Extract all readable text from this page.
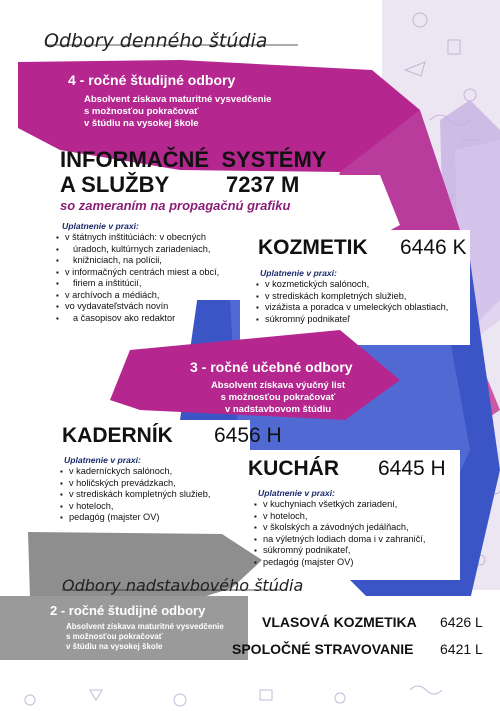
Odbory denného štúdia
4 - ročné študijné odbory
Absolvent získava maturitné vysvedčenie
s možnosťou pokračovať
v štúdiu na vysokej škole
INFORMAČNÉ  SYSTÉMY
A SLUŽBY	7237 M
so zameraním na propagačnú grafiku
Uplatnenie v praxi:
▪ v štátnych inštitúciách: v obecných
▪ úradoch, kultúrnych zariadeniach,
▪ knižniciach, na polícii,
▪ v informačných centrách miest a obcí,
▪ firiem a inštitúcií,
▪ v archívoch a médiách,
▪ vo vydavateľstvách novín
▪ a časopisov ako redaktor
KOZMETIK 6446 K
Uplatnenie v praxi:
▪ v kozmetických salónoch,
▪ v strediskách kompletných služieb,
▪ vizážista a poradca v umeleckých oblastiach,
▪ súkromný podnikateľ
3 - ročné učebné odbory
Absolvent získava výučný list
s možnosťou pokračovať
v nadstavbovom štúdiu
KADERNÍK 6456 H
Uplatnenie v praxi:
▪ v kaderníckych salónoch,
▪ v holičských prevádzkach,
▪ v strediskách kompletných služieb,
▪ v hoteloch,
▪ pedagóg (majster OV)
KUCHÁR 6445 H
Uplatnenie v praxi:
▪ v kuchyniach všetkých zariadení,
▪ v hoteloch,
▪ v školských a závodných jedálňach,
▪ na výletných lodiach doma i v zahraničí,
▪ súkromný podnikateľ,
▪ pedagóg (majster OV)
Odbory nadstavbového štúdia
2 - ročné študijné odbory
Absolvent získava maturitné vysvedčenie
s možnosťou pokračovať
v štúdiu na vysokej škole
VLASOVÁ KOZMETIKA 6426 L
SPOLOČNÉ STRAVOVANIE 6421 L
